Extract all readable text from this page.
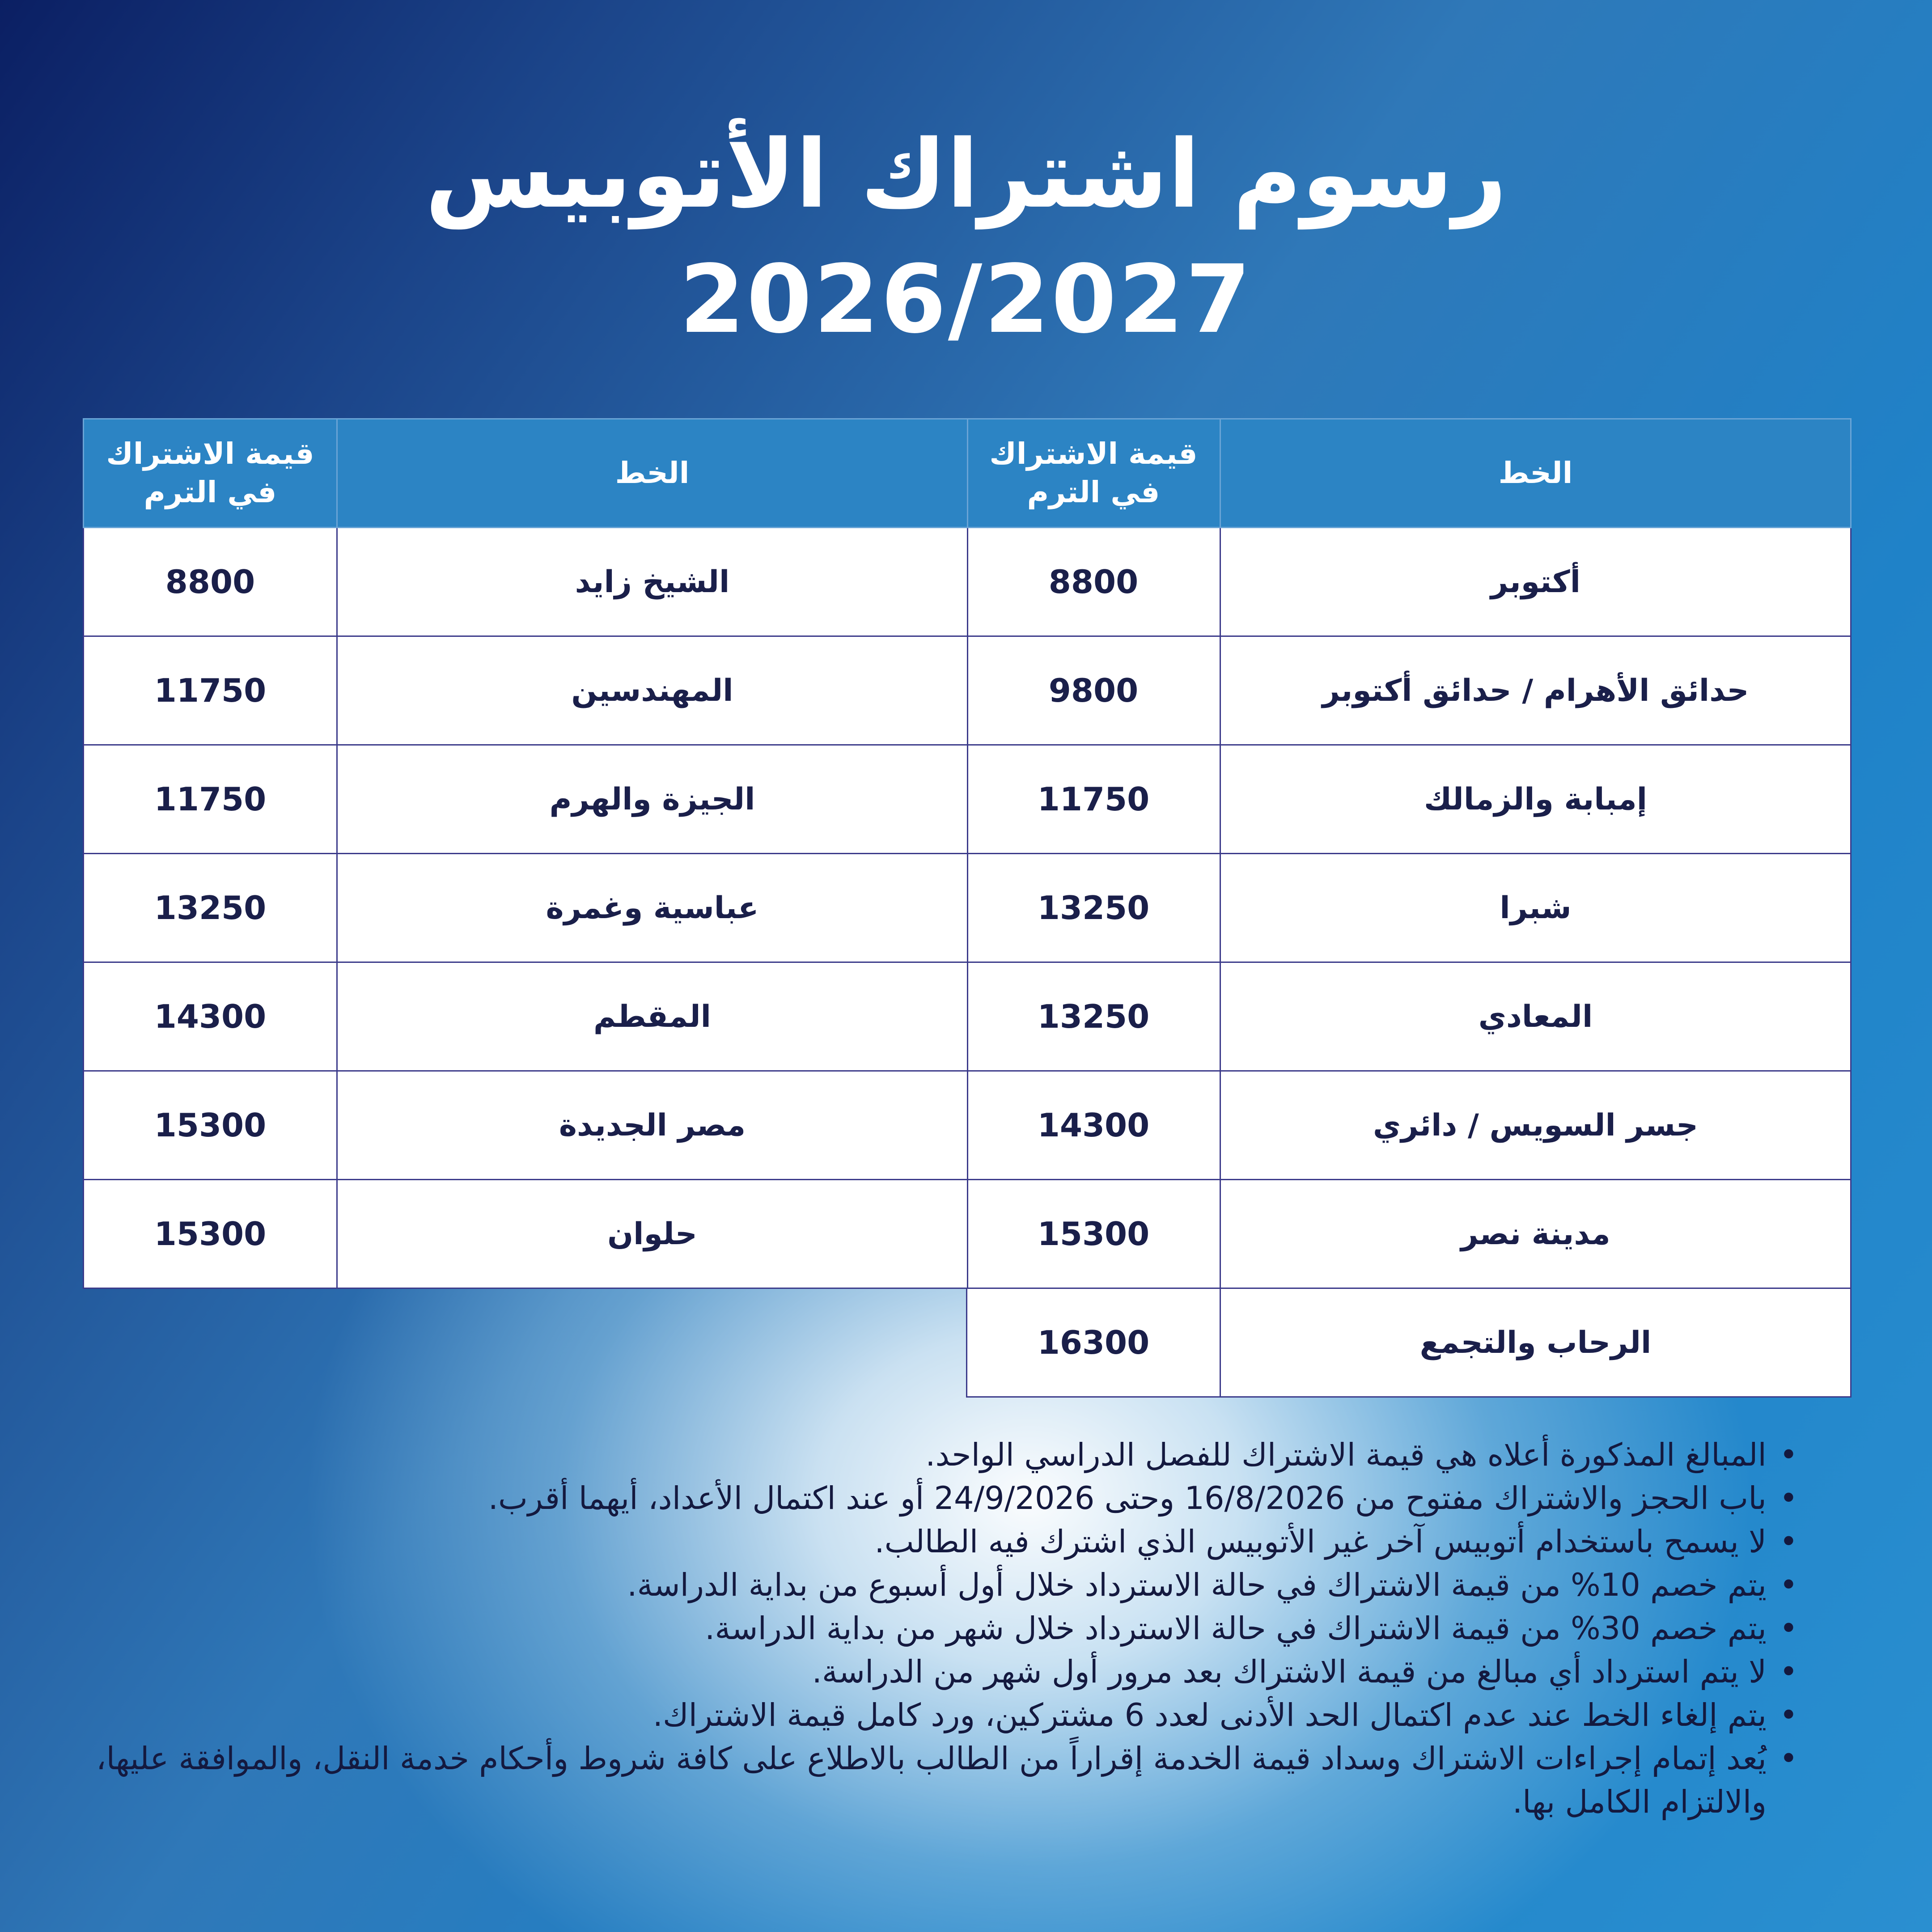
رسوم اشتراك الأتوبيس
2026/2027
الخط	قيمة الاشتراك في الترم
أكتوبر	8800
حدائق الأهرام / حدائق أكتوبر	9800
إمبابة والزمالك	11750
شبرا	13250
المعادي	13250
جسر السويس / دائري	14300
مدينة نصر	15300
الرحاب والتجمع	16300
الخط	قيمة الاشتراك في الترم
الشيخ زايد	8800
المهندسين	11750
الجيزة والهرم	11750
عباسية وغمرة	13250
المقطم	14300
مصر الجديدة	15300
حلوان	15300
• المبالغ المذكورة أعلاه هي قيمة الاشتراك للفصل الدراسي الواحد.
• باب الحجز والاشتراك مفتوح من 16/8/2026 وحتى 24/9/2026 أو عند اكتمال الأعداد، أيهما أقرب.
• لا يسمح باستخدام أتوبيس آخر غير الأتوبيس الذي اشترك فيه الطالب.
• يتم خصم 10% من قيمة الاشتراك في حالة الاسترداد خلال أول أسبوع من بداية الدراسة.
• يتم خصم 30% من قيمة الاشتراك في حالة الاسترداد خلال شهر من بداية الدراسة.
• لا يتم استرداد أي مبالغ من قيمة الاشتراك بعد مرور أول شهر من الدراسة.
• يتم إلغاء الخط عند عدم اكتمال الحد الأدنى لعدد 6 مشتركين، ورد كامل قيمة الاشتراك.
• يُعد إتمام إجراءات الاشتراك وسداد قيمة الخدمة إقراراً من الطالب بالاطلاع على كافة شروط وأحكام خدمة النقل، والموافقة عليها، والالتزام الكامل بها.
